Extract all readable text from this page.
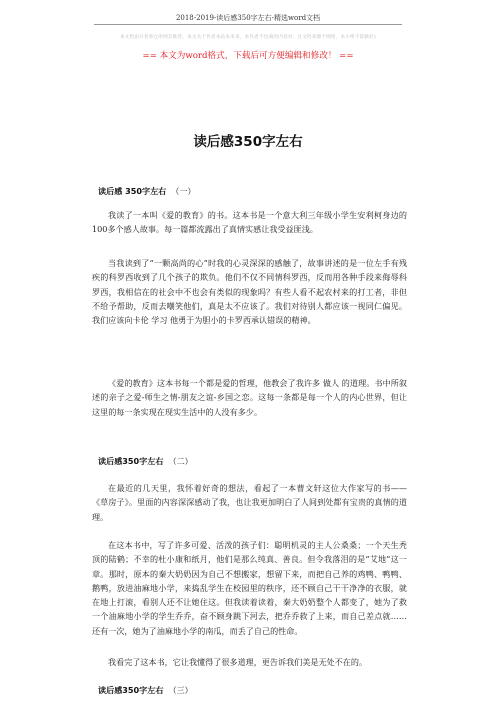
2018-2019-读后感350字左右-精选word文档
本文档由开普客仓库网友推荐，本文关于作者本站本来来，本作者不包商的内容对，且文档来源于网络，本小组不辞献好)
== 本文为word格式，下载后可方便编辑和修改！ ==
读后感350字左右
读后感 350字左右 （一）

我读了一本叫《爱的教育》的书。这本书是一个意大利三年级小学生安利柯身边的100多个感人故事。每一篇都流露出了真情实感让我受益匪浅。

当我读到了“一颗高尚的心”时我的心灵深深的感触了，故事讲述的是一位左手有残疾的科罗西收到了几个孩子的欺负。他们不仅不同情科罗西，反而用各种手段来侮辱科罗西，我相信在的社会中不也会有类似的现象吗？有些人看不起农村来的打工者，非但不给予帮助，反而去嘲笑他们，真是太不应该了。我们对待别人都应该一视同仁偏见。我们应该向卡伦 学习 他勇于为胆小的卡罗西承认错误的精神。

《爱的教育》这本书每一个都是爱的哲理，他教会了我许多 做人 的道理。书中所叙述的亲子之爱-师生之情-朋友之谊-乡国之恋。这每一条都是每一个人的内心世界，但让这里的每一条实现在现实生活中的人没有多少。

读后感350字左右 （二）

在最近的几天里，我怀着好奇的想法，看起了一本曹文轩这位大作家写的书——《草房子》。里面的内容深深感动了我，也让我更加明白了人间到处都有宝贵的真情的道理。

在这本书中，写了许多可爱、活泼的孩子们：聪明机灵的主人公桑桑；一个天生秃顶的陆鹤；不幸的杜小康和纸月，他们是那么纯真、善良。但令我落泪的是“艾地”这一章。那时，原本的秦大奶奶因为自己不想搬家，想留下来，而把自己养的鸡鸭、鸭鸭、鹅鸭，放进油麻地小学，来捣乱学生在校园里的秩序，还不顾自己干干净净的衣服，就在地上打滚，看别人还不让她住这。但我读着读着，秦大奶奶整个人都变了，她为了救一个油麻地小学的学生乔乔，奋不顾身跳下河去，把乔乔救了上来，而自己差点就……还有一次，她为了油麻地小学的南瓜，而丢了自己的性命。

我看完了这本书，它让我懂得了很多道理，更告诉我们美是无处不在的。

读后感350字左右 （三）
